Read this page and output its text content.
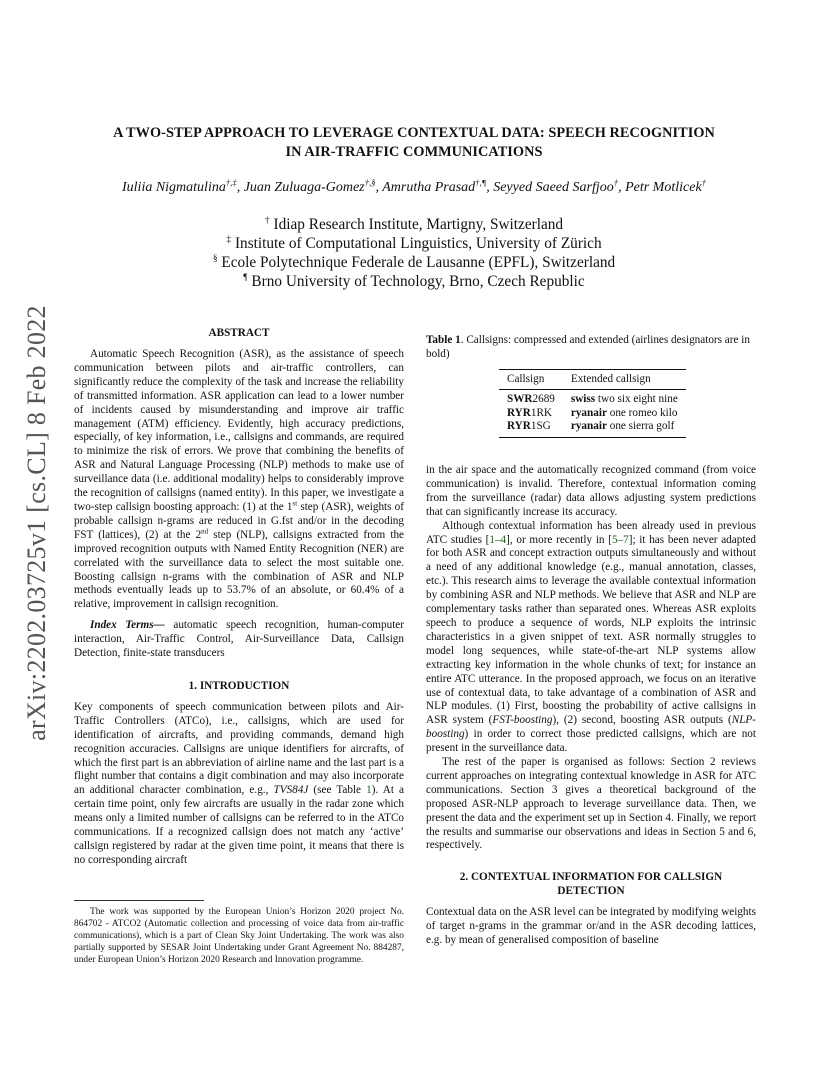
arXiv:2202.03725v1 [cs.CL] 8 Feb 2022
A TWO-STEP APPROACH TO LEVERAGE CONTEXTUAL DATA: SPEECH RECOGNITION
IN AIR-TRAFFIC COMMUNICATIONS
Iuliia Nigmatulina†,‡, Juan Zuluaga-Gomez†,§, Amrutha Prasad†,¶, Seyyed Saeed Sarfjoo†, Petr Motlicek†
† Idiap Research Institute, Martigny, Switzerland
‡ Institute of Computational Linguistics, University of Zürich
§ Ecole Polytechnique Federale de Lausanne (EPFL), Switzerland
¶ Brno University of Technology, Brno, Czech Republic
ABSTRACT

Automatic Speech Recognition (ASR), as the assistance of speech communication between pilots and air-traffic controllers, can significantly reduce the complexity of the task and increase the reliability of transmitted information. ASR application can lead to a lower number of incidents caused by misunderstanding and improve air traffic management (ATM) efficiency. Evidently, high accuracy predictions, especially, of key information, i.e., callsigns and commands, are required to minimize the risk of errors. We prove that combining the benefits of ASR and Natural Language Processing (NLP) methods to make use of surveillance data (i.e. additional modality) helps to considerably improve the recognition of callsigns (named entity). In this paper, we investigate a two-step callsign boosting approach: (1) at the 1st step (ASR), weights of probable callsign n-grams are reduced in G.fst and/or in the decoding FST (lattices), (2) at the 2nd step (NLP), callsigns extracted from the improved recognition outputs with Named Entity Recognition (NER) are correlated with the surveillance data to select the most suitable one. Boosting callsign n-grams with the combination of ASR and NLP methods eventually leads up to 53.7% of an absolute, or 60.4% of a relative, improvement in callsign recognition.

Index Terms— automatic speech recognition, human-computer interaction, Air-Traffic Control, Air-Surveillance Data, Callsign Detection, finite-state transducers

1. INTRODUCTION

Key components of speech communication between pilots and Air-Traffic Controllers (ATCo), i.e., callsigns, which are used for identification of aircrafts, and providing commands, demand high recognition accuracies. Callsigns are unique identifiers for aircrafts, of which the first part is an abbreviation of airline name and the last part is a flight number that contains a digit combination and may also incorporate an additional character combination, e.g., TVS84J (see Table 1). At a certain time point, only few aircrafts are usually in the radar zone which means only a limited number of callsigns can be referred to in the ATCo communications. If a recognized callsign does not match any ‘active’ callsign registered by radar at the given time point, it means that there is no corresponding aircraft

The work was supported by the European Union’s Horizon 2020 project No. 864702 - ATCO2 (Automatic collection and processing of voice data from air-traffic communications), which is a part of Clean Sky Joint Undertaking. The work was also partially supported by SESAR Joint Undertaking under Grant Agreement No. 884287, under European Union’s Horizon 2020 Research and Innovation programme.

Table 1. Callsigns: compressed and extended (airlines designators are in bold)
Callsign	Extended callsign
SWR2689	swiss two six eight nine
RYR1RK	ryanair one romeo kilo
RYR1SG	ryanair one sierra golf

in the air space and the automatically recognized command (from voice communication) is invalid. Therefore, contextual information coming from the surveillance (radar) data allows adjusting system predictions that can significantly increase its accuracy.

Although contextual information has been already used in previous ATC studies [1–4], or more recently in [5–7]; it has been never adapted for both ASR and concept extraction outputs simultaneously and without a need of any additional knowledge (e.g., manual annotation, classes, etc.). This research aims to leverage the available contextual information by combining ASR and NLP methods. We believe that ASR and NLP are complementary tasks rather than separated ones. Whereas ASR exploits speech to produce a sequence of words, NLP exploits the intrinsic characteristics in a given snippet of text. ASR normally struggles to model long sequences, while state-of-the-art NLP systems allow extracting key information in the whole chunks of text; for instance an entire ATC utterance. In the proposed approach, we focus on an iterative use of contextual data, to take advantage of a combination of ASR and NLP modules. (1) First, boosting the probability of active callsigns in ASR system (FST-boosting), (2) second, boosting ASR outputs (NLP-boosting) in order to correct those predicted callsigns, which are not present in the surveillance data.

The rest of the paper is organised as follows: Section 2 reviews current approaches on integrating contextual knowledge in ASR for ATC communications. Section 3 gives a theoretical background of the proposed ASR-NLP approach to leverage surveillance data. Then, we present the data and the experiment set up in Section 4. Finally, we report the results and summarise our observations and ideas in Section 5 and 6, respectively.

2. CONTEXTUAL INFORMATION FOR CALLSIGN
DETECTION

Contextual data on the ASR level can be integrated by modifying weights of target n-grams in the grammar or/and in the ASR decoding lattices, e.g. by mean of generalised composition of baseline
